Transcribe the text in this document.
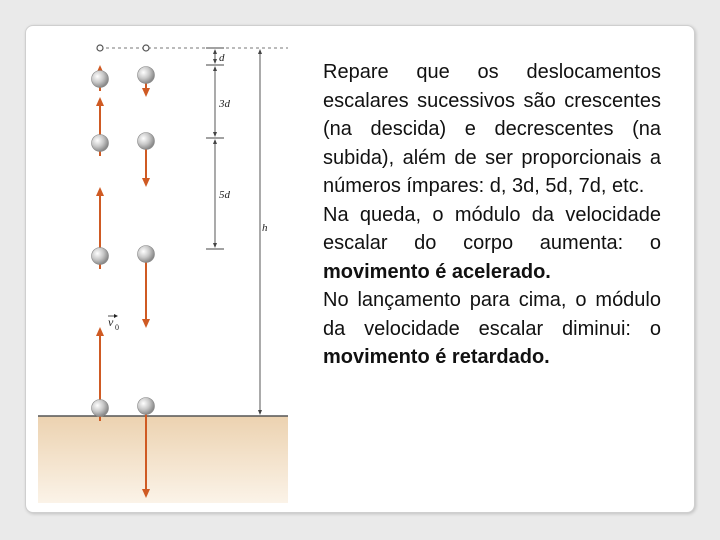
v 0
d
3d
5d
h

Repare que os deslocamentos escalares sucessivos são crescentes (na descida) e decrescentes (na subida), além de ser proporcionais a números ímpares: d, 3d, 5d, 7d, etc.

Na queda, o módulo da velocidade escalar do corpo aumenta: o movimento é acelerado.

No lançamento para cima, o módulo da velocidade escalar diminui: o movimento é retardado.
